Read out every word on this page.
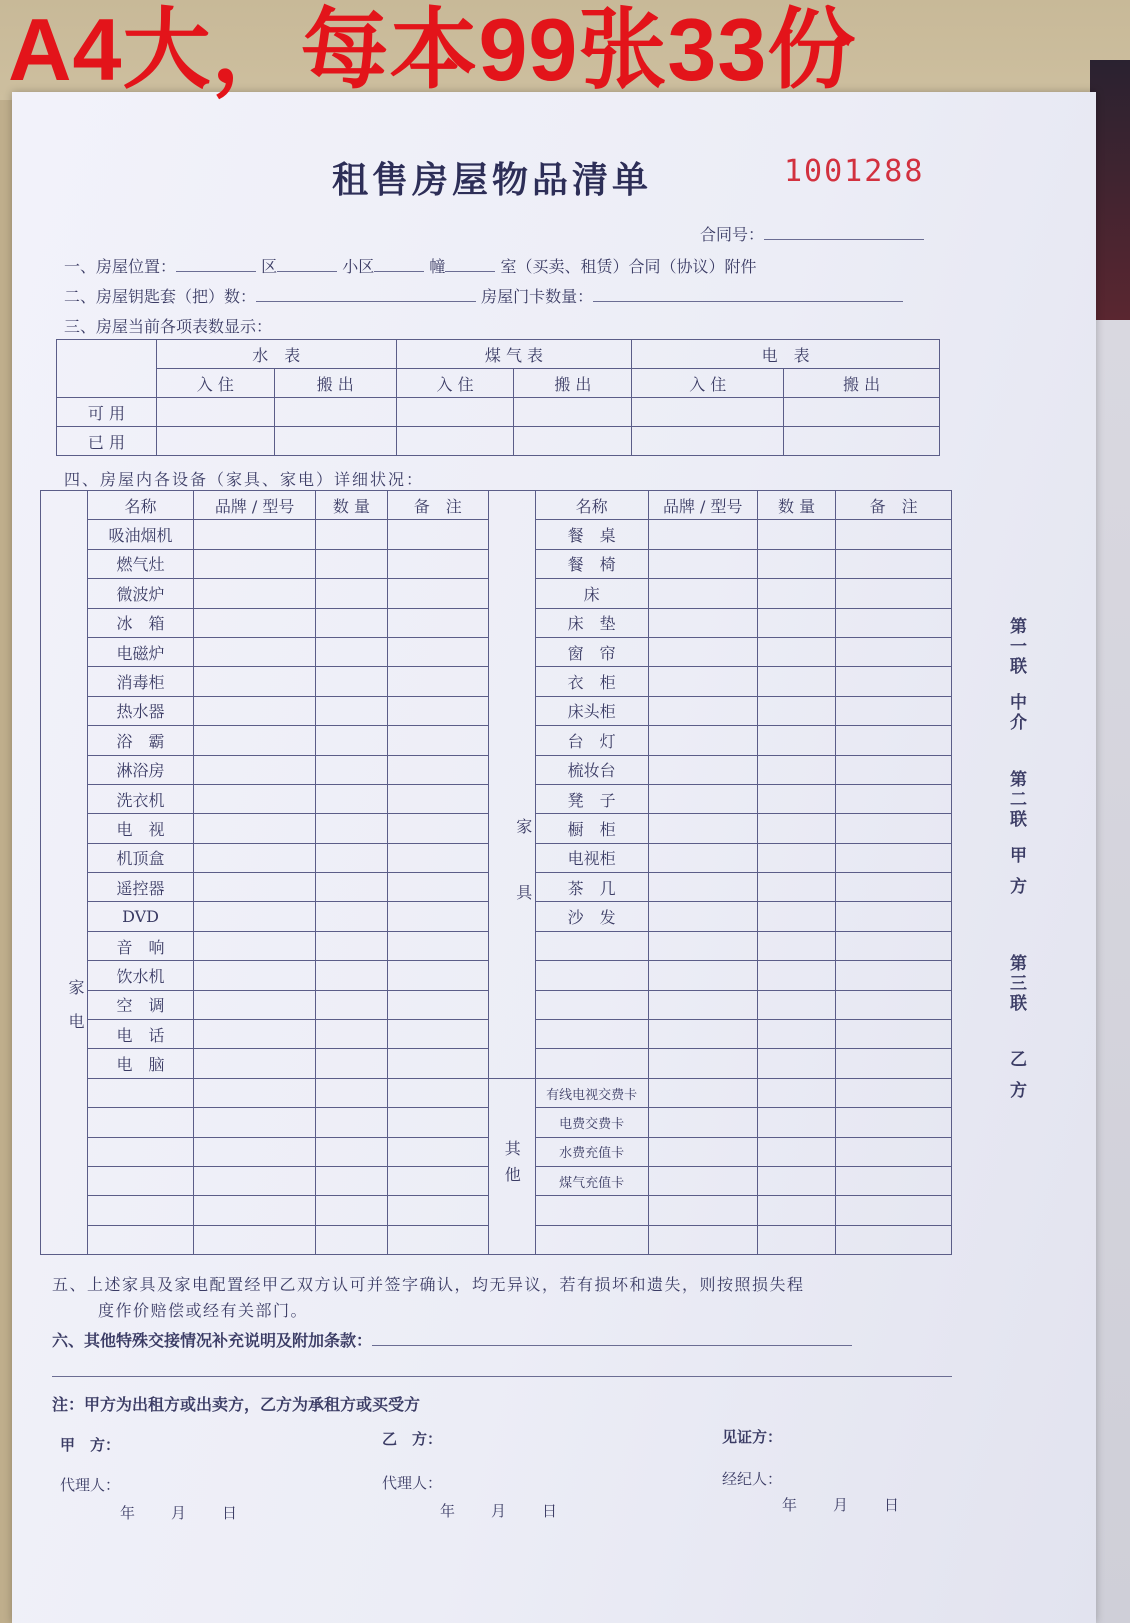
租售房屋物品清单	1001288
合同号：
一、房屋位置：	区	小区	幢	室（买卖、租赁）合同（协议）附件
二、房屋钥匙套（把）数：	房屋门卡数量：
三、房屋当前各项表数显示：
	水　表		煤 气 表		电　表	
	入 住	搬 出	入 住	搬 出	入 住	搬 出
可 用						
已 用						
四、房屋内各设备（家具、家电）详细状况：
家电	名称	品牌 / 型号	数 量	备　注	家具	名称	品牌 / 型号	数 量	备　注
	吸油烟机					餐　桌			
	燃气灶					餐　椅			
	微波炉					床			
	冰　箱					床　垫			
	电磁炉					窗　帘			
	消毒柜					衣　柜			
	热水器					床头柜			
	浴　霸					台　灯			
	淋浴房					梳妆台			
	洗衣机					凳　子			
	电　视					橱　柜			
	机顶盒					电视柜			
	遥控器					茶　几			
	DVD					沙　发			
	音　响								
	饮水机								
	空　调								
	电　话								
	电　脑								
					其他	有线电视交费卡			
						电费交费卡			
						水费充值卡			
						煤气充值卡			

第一联
中介
第二联
甲方
第三联
乙方
五、上述家具及家电配置经甲乙双方认可并签字确认，均无异议，若有损坏和遗失，则按照损失程
度作价赔偿或经有关部门。
六、其他特殊交接情况补充说明及附加条款：
注：甲方为出租方或出卖方，乙方为承租方或买受方
甲　方：	乙　方：	见证方：
代理人：	代理人：	经纪人：
年　　月　　日	年　　月　　日	年　　月　　日
A4大，每本99张33份
